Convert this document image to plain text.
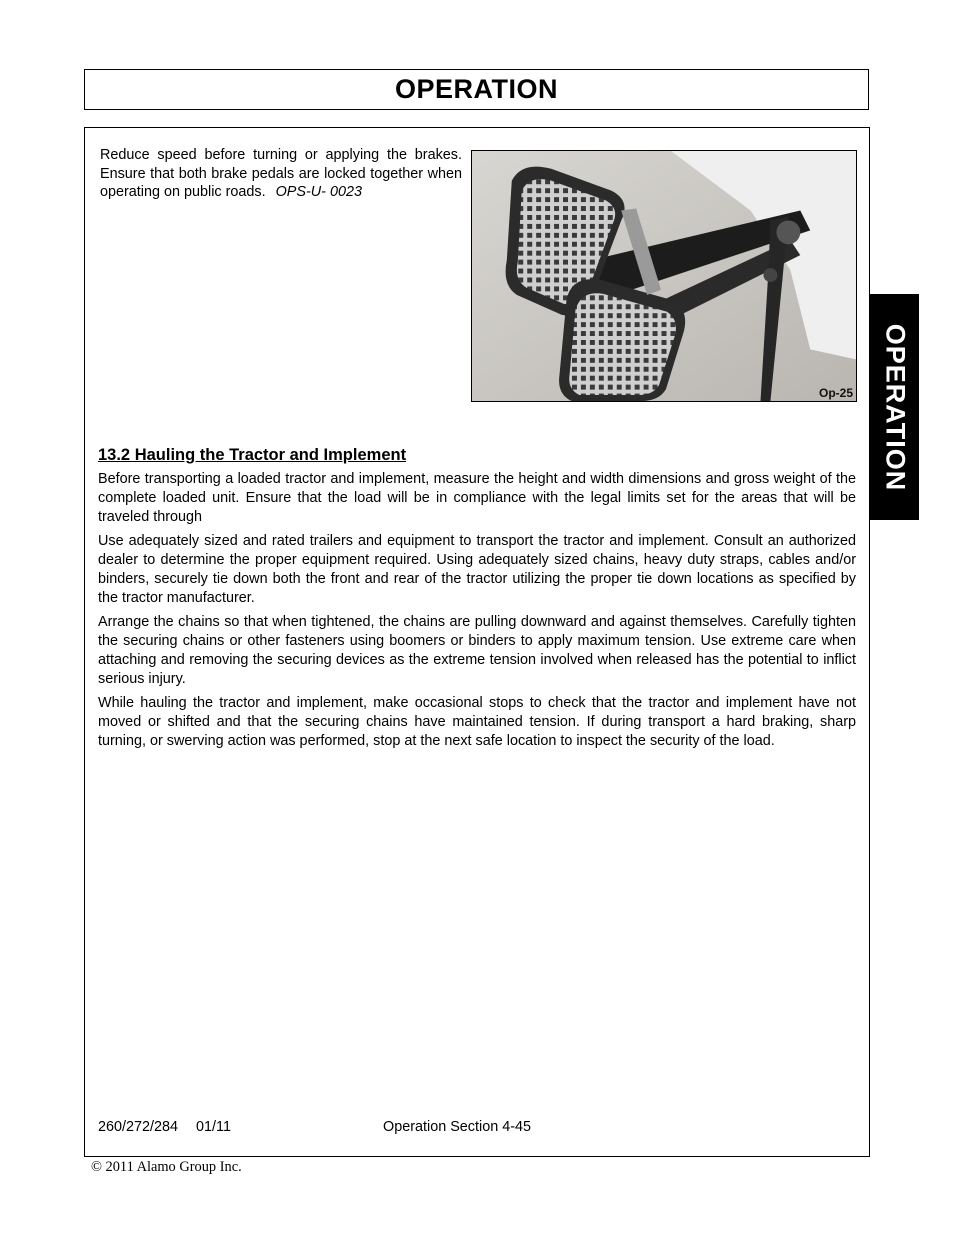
OPERATION
OPERATION
Reduce speed before turning or applying the brakes. Ensure that both brake pedals are locked together when operating on public roads. OPS-U- 0023
Op-25
13.2 Hauling the Tractor and Implement

Before transporting a loaded tractor and implement, measure the height and width dimensions and gross weight of the complete loaded unit. Ensure that the load will be in compliance with the legal limits set for the areas that will be traveled through

Use adequately sized and rated trailers and equipment to transport the tractor and implement. Consult an authorized dealer to determine the proper equipment required. Using adequately sized chains, heavy duty straps, cables and/or binders, securely tie down both the front and rear of the tractor utilizing the proper tie down locations as specified by the tractor manufacturer.

Arrange the chains so that when tightened, the chains are pulling downward and against themselves. Carefully tighten the securing chains or other fasteners using boomers or binders to apply maximum tension. Use extreme care when attaching and removing the securing devices as the extreme tension involved when released has the potential to inflict serious injury.

While hauling the tractor and implement, make occasional stops to check that the tractor and implement have not moved or shifted and that the securing chains have maintained tension. If during transport a hard braking, sharp turning, or swerving action was performed, stop at the next safe location to inspect the security of the load.

260/272/284 01/11	Operation Section 4-45
© 2011 Alamo Group Inc.
